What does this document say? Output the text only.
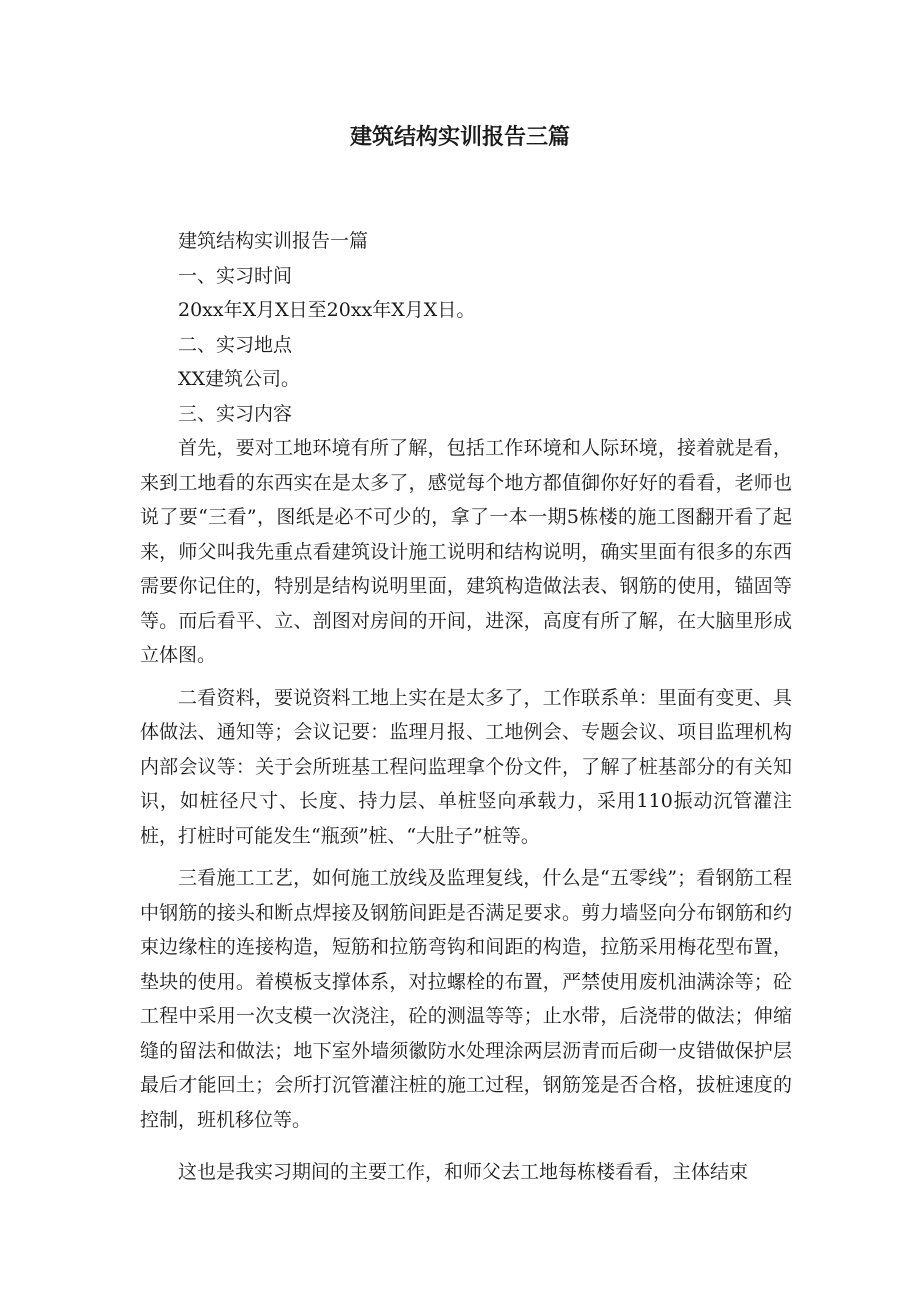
建筑结构实训报告三篇

建筑结构实训报告一篇

一、实习时间

20xx年X月X日至20xx年X月X日。

二、实习地点

XX建筑公司。

三、实习内容

首先，要对工地环境有所了解，包括工作环境和人际环境，接着就是看，来到工地看的东西实在是太多了，感觉每个地方都值御你好好的看看，老师也说了要“三看”，图纸是必不可少的，拿了一本一期5栋楼的施工图翻开看了起来，师父叫我先重点看建筑设计施工说明和结构说明，确实里面有很多的东西需要你记住的，特别是结构说明里面，建筑构造做法表、钢筋的使用，锚固等等。而后看平、立、剖图对房间的开间，进深，高度有所了解，在大脑里形成立体图。

二看资料，要说资料工地上实在是太多了，工作联系单：里面有变更、具体做法、通知等；会议记要：监理月报、工地例会、专题会议、项目监理机构内部会议等：关于会所班基工程问监理拿个份文件，了解了桩基部分的有关知识，如桩径尺寸、长度、持力层、单桩竖向承载力，采用110振动沉管灌注桩，打桩时可能发生“瓶颈”桩、“大肚子”桩等。

三看施工工艺，如何施工放线及监理复线，什么是“五零线”；看钢筋工程中钢筋的接头和断点焊接及钢筋间距是否满足要求。剪力墙竖向分布钢筋和约束边缘柱的连接构造，短筋和拉筋弯钩和间距的构造，拉筋采用梅花型布置，垫块的使用。着模板支撑体系，对拉螺栓的布置，严禁使用废机油满涂等；砼工程中采用一次支模一次浇注，砼的测温等等；止水带，后浇带的做法；伸缩缝的留法和做法；地下室外墙须徽防水处理涂两层沥青而后砌一皮错做保护层最后才能回土；会所打沉管灌注桩的施工过程，钢筋笼是否合格，拔桩速度的控制，班机移位等。

这也是我实习期间的主要工作，和师父去工地每栋楼看看，主体结束
